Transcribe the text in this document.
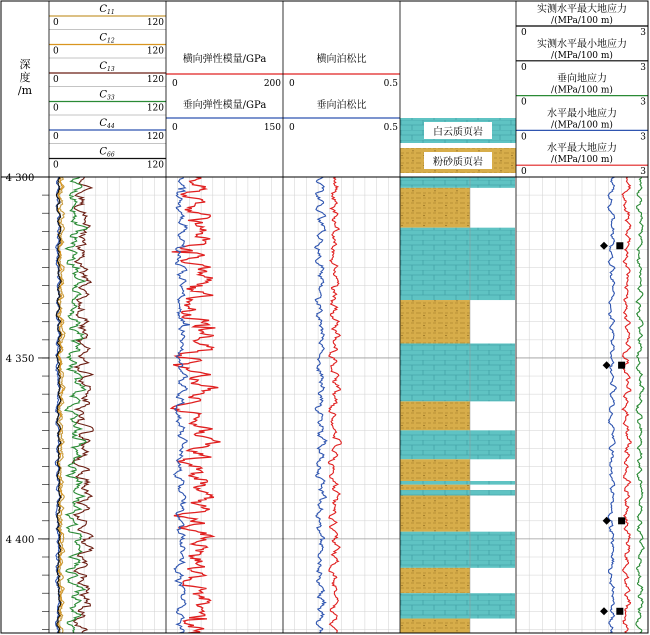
深
度
/m
$C_{11}$
0	120
$C_{12}$
0	120
$C_{13}$
0	120
$C_{33}$
0	120
$C_{44}$
0	120
$C_{66}$
0	120
横向弹性模量/GPa
0	200
垂向弹性模量/GPa
0	150
横向泊松比
0	0.5
垂向泊松比
0	0.5	白云质页岩
粉砂质页岩
实测水平最大地应力
/(MPa/100 m)
0	3
实测水平最小地应力
/(MPa/100 m)
0	3
垂向地应力
/(MPa/100 m)
0	3
水平最小地应力
/(MPa/100 m)
0	3
水平最大地应力
/(MPa/100 m)
0	3
4 300
4 350
4 400
